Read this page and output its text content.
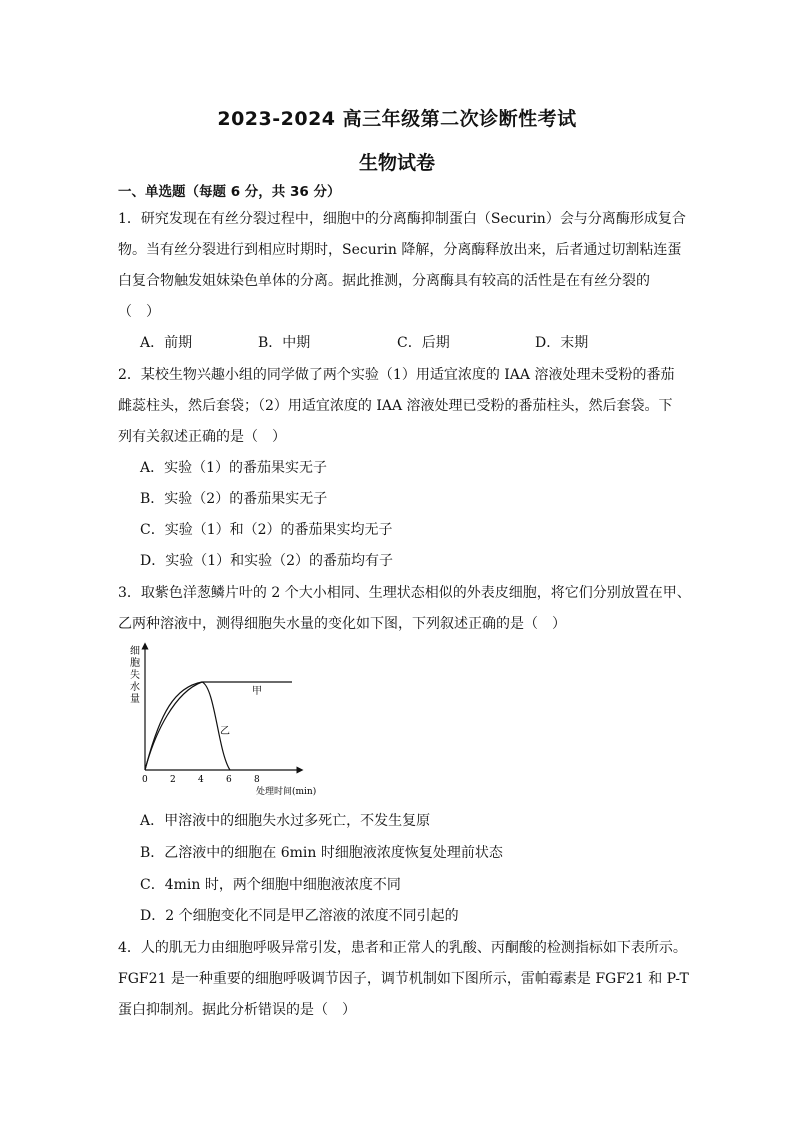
2023-2024 高三年级第二次诊断性考试
生物试卷
一、单选题（每题 6 分，共 36 分）
1．研究发现在有丝分裂过程中，细胞中的分离酶抑制蛋白（Securin）会与分离酶形成复合
物。当有丝分裂进行到相应时期时，Securin 降解，分离酶释放出来，后者通过切割粘连蛋
白复合物触发姐妹染色单体的分离。据此推测，分离酶具有较高的活性是在有丝分裂的
（　）
A．前期	B．中期	C．后期	D．末期
2．某校生物兴趣小组的同学做了两个实验（1）用适宜浓度的 IAA 溶液处理未受粉的番茄
雌蕊柱头，然后套袋；（2）用适宜浓度的 IAA 溶液处理已受粉的番茄柱头，然后套袋。下
列有关叙述正确的是（　）
A．实验（1）的番茄果实无子
B．实验（2）的番茄果实无子
C．实验（1）和（2）的番茄果实均无子
D．实验（1）和实验（2）的番茄均有子
3．取紫色洋葱鳞片叶的 2 个大小相同、生理状态相似的外表皮细胞，将它们分别放置在甲、
乙两种溶液中，测得细胞失水量的变化如下图，下列叙述正确的是（　）
细
胞
失
水
量
甲
乙
0 2 4 6 8
处理时间(min)
A．甲溶液中的细胞失水过多死亡，不发生复原
B．乙溶液中的细胞在 6min 时细胞液浓度恢复处理前状态
C．4min 时，两个细胞中细胞液浓度不同
D．2 个细胞变化不同是甲乙溶液的浓度不同引起的
4．人的肌无力由细胞呼吸异常引发，患者和正常人的乳酸、丙酮酸的检测指标如下表所示。
FGF21 是一种重要的细胞呼吸调节因子，调节机制如下图所示，雷帕霉素是 FGF21 和 P-T
蛋白抑制剂。据此分析错误的是（　）
